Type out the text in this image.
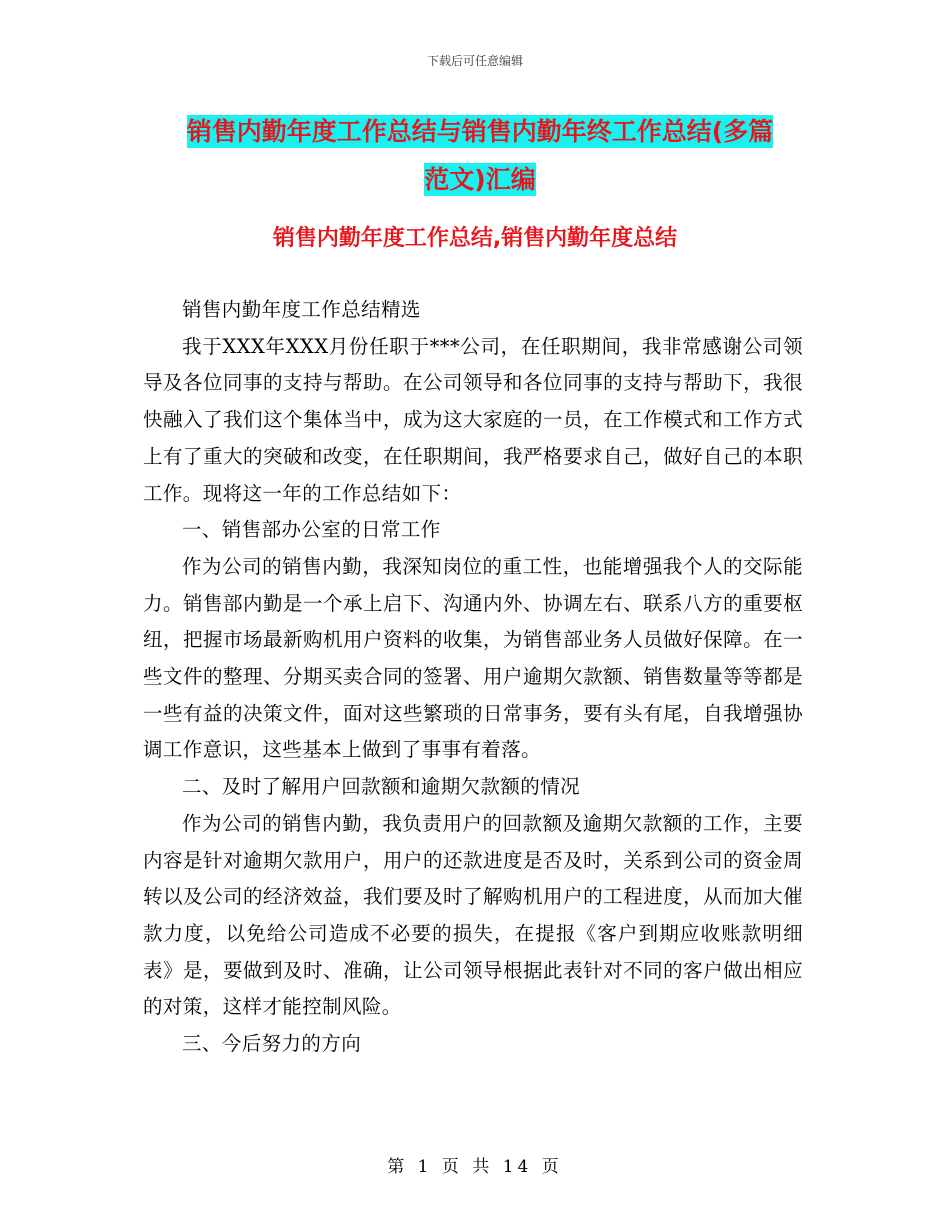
下载后可任意编辑
销售内勤年度工作总结与销售内勤年终工作总结(多篇
范文)汇编
销售内勤年度工作总结,销售内勤年度总结

销售内勤年度工作总结精选

我于XXX年XXX月份任职于***公司，在任职期间，我非常感谢公司领导及各位同事的支持与帮助。在公司领导和各位同事的支持与帮助下，我很快融入了我们这个集体当中，成为这大家庭的一员，在工作模式和工作方式上有了重大的突破和改变，在任职期间，我严格要求自己，做好自己的本职工作。现将这一年的工作总结如下：

一、销售部办公室的日常工作

作为公司的销售内勤，我深知岗位的重工性，也能增强我个人的交际能力。销售部内勤是一个承上启下、沟通内外、协调左右、联系八方的重要枢纽，把握市场最新购机用户资料的收集，为销售部业务人员做好保障。在一些文件的整理、分期买卖合同的签署、用户逾期欠款额、销售数量等等都是一些有益的决策文件，面对这些繁琐的日常事务，要有头有尾，自我增强协调工作意识，这些基本上做到了事事有着落。

二、及时了解用户回款额和逾期欠款额的情况

作为公司的销售内勤，我负责用户的回款额及逾期欠款额的工作，主要内容是针对逾期欠款用户，用户的还款进度是否及时，关系到公司的资金周转以及公司的经济效益，我们要及时了解购机用户的工程进度，从而加大催款力度，以免给公司造成不必要的损失，在提报《客户到期应收账款明细表》是，要做到及时、准确，让公司领导根据此表针对不同的客户做出相应的对策，这样才能控制风险。

三、今后努力的方向

第 1 页 共 14 页
